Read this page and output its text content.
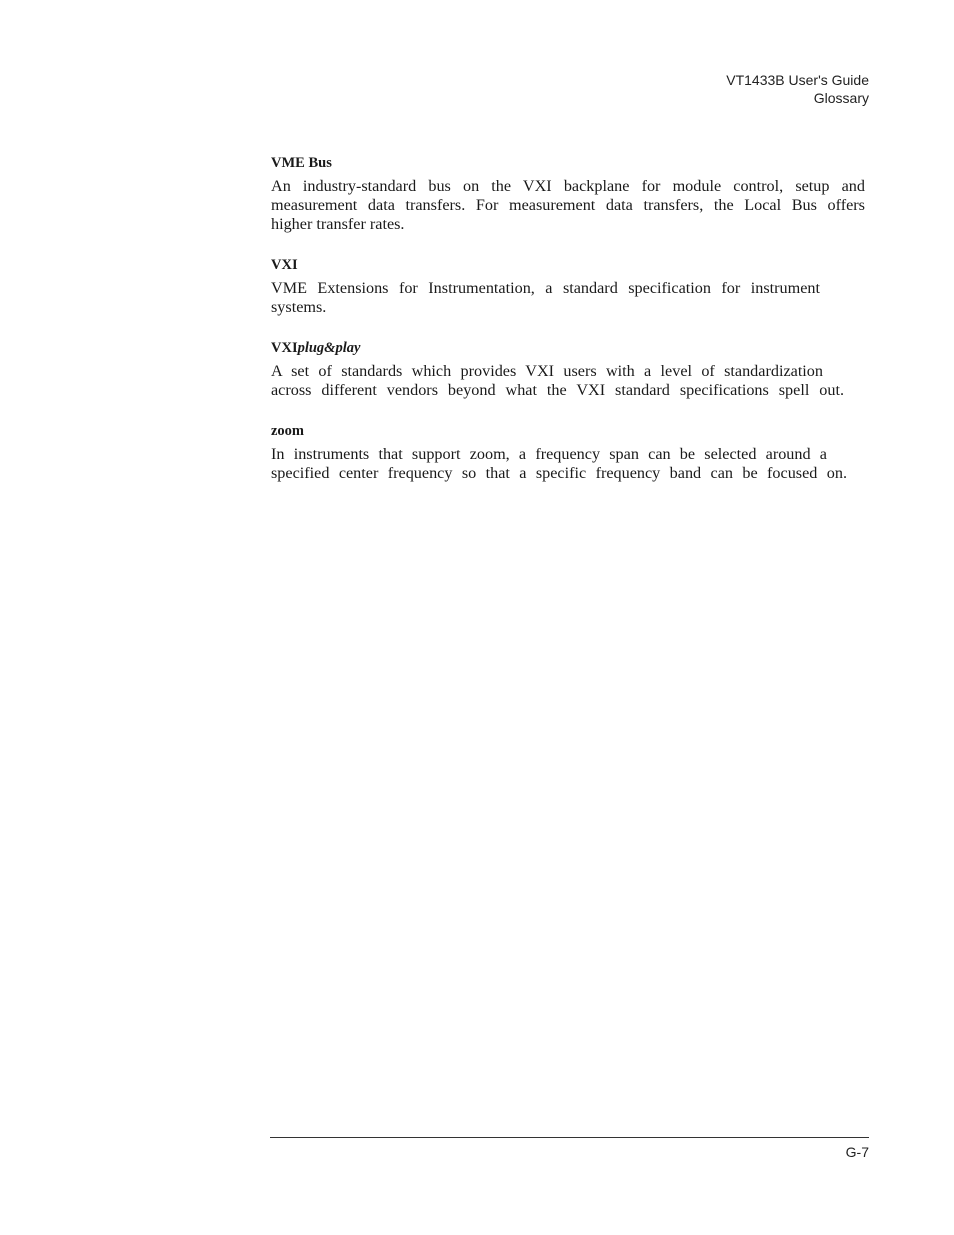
VT1433B User's Guide
Glossary
VME Bus

An industry-standard bus on the VXI backplane for module control, setup and
measurement data transfers. For measurement data transfers, the Local Bus offers
higher transfer rates.

VXI

VME Extensions for Instrumentation, a standard specification for instrument
systems.

VXIplug&play

A set of standards which provides VXI users with a level of standardization
across different vendors beyond what the VXI standard specifications spell out.

zoom

In instruments that support zoom, a frequency span can be selected around a
specified center frequency so that a specific frequency band can be focused on.

G-7
